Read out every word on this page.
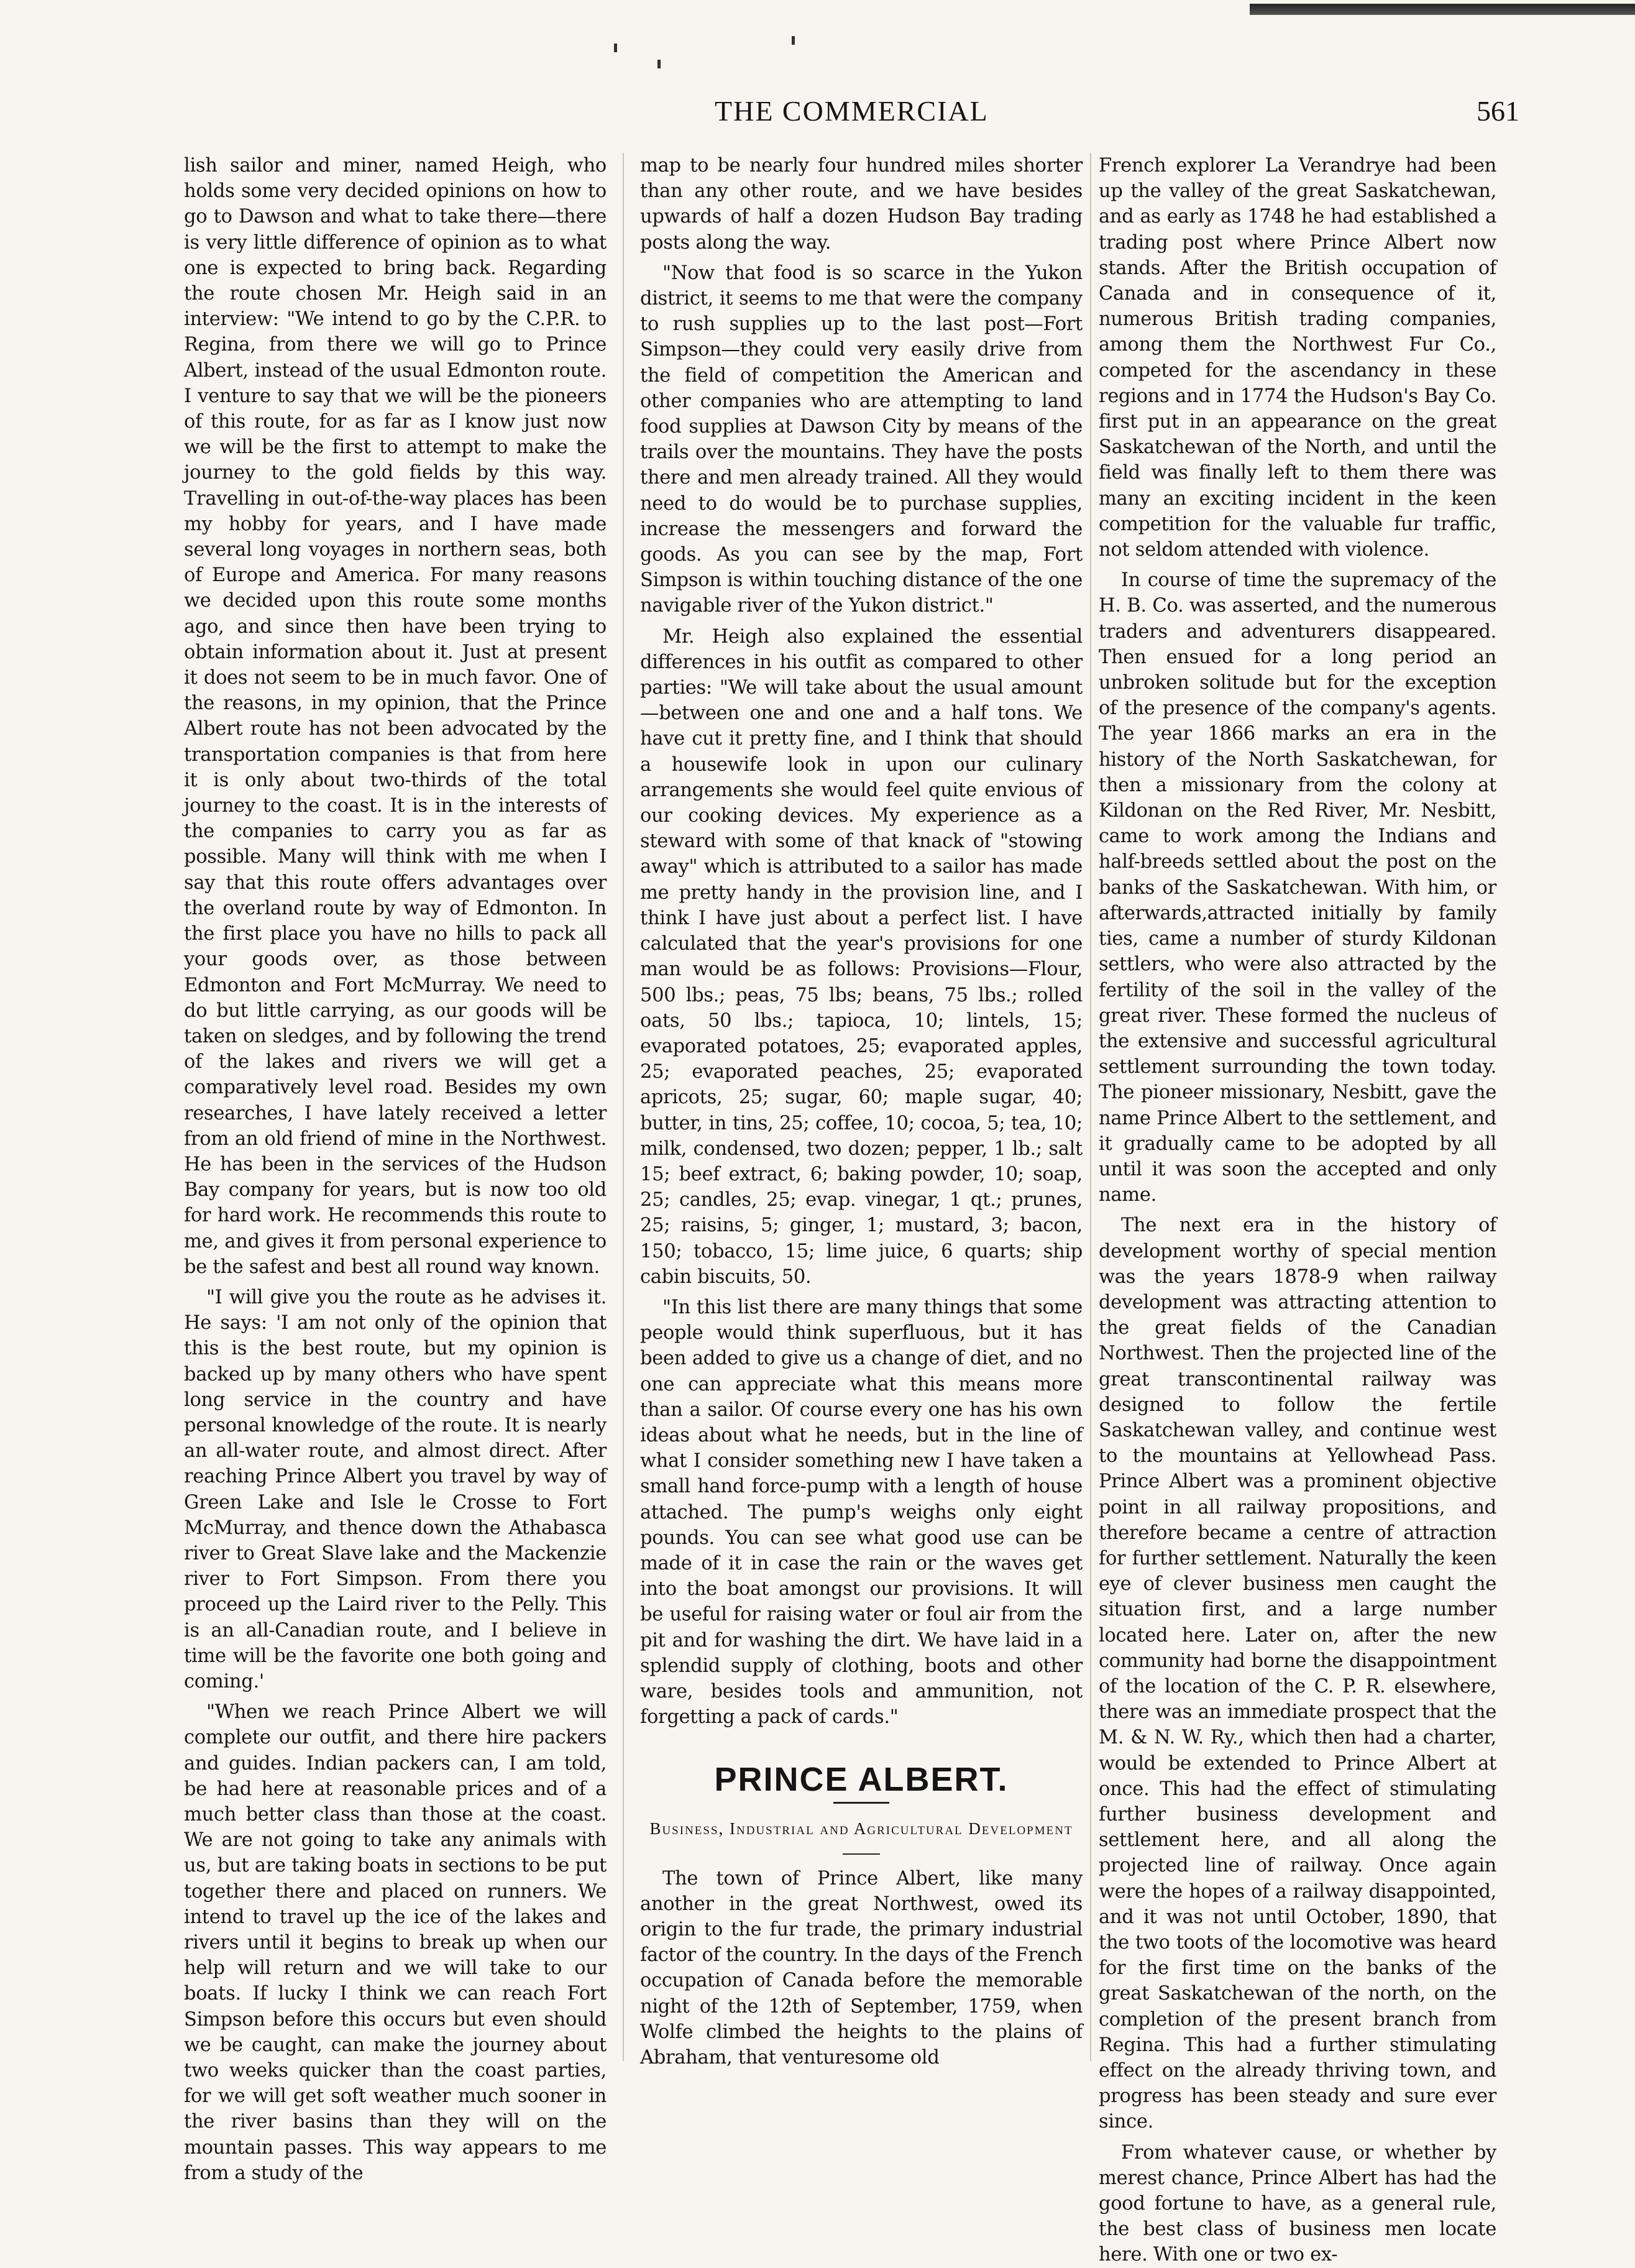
THE COMMERCIAL	561

lish sailor and miner, named Heigh, who holds some very decided opinions on how to go to Dawson and what to take there—there is very little difference of opinion as to what one is expected to bring back. Regarding the route chosen Mr. Heigh said in an interview: "We intend to go by the C.P.R. to Regina, from there we will go to Prince Albert, instead of the usual Edmonton route. I venture to say that we will be the pioneers of this route, for as far as I know just now we will be the first to attempt to make the journey to the gold fields by this way. Travelling in out-of-the-way places has been my hobby for years, and I have made several long voyages in northern seas, both of Europe and America. For many reasons we decided upon this route some months ago, and since then have been trying to obtain information about it. Just at present it does not seem to be in much favor. One of the reasons, in my opinion, that the Prince Albert route has not been advocated by the transportation companies is that from here it is only about two-thirds of the total journey to the coast. It is in the interests of the companies to carry you as far as possible. Many will think with me when I say that this route offers advantages over the overland route by way of Edmonton. In the first place you have no hills to pack all your goods over, as those between Edmonton and Fort McMurray. We need to do but little carrying, as our goods will be taken on sledges, and by following the trend of the lakes and rivers we will get a comparatively level road. Besides my own researches, I have lately received a letter from an old friend of mine in the Northwest. He has been in the services of the Hudson Bay company for years, but is now too old for hard work. He recommends this route to me, and gives it from personal experience to be the safest and best all round way known.

"I will give you the route as he advises it. He says: 'I am not only of the opinion that this is the best route, but my opinion is backed up by many others who have spent long service in the country and have personal knowledge of the route. It is nearly an all-water route, and almost direct. After reaching Prince Albert you travel by way of Green Lake and Isle le Crosse to Fort McMurray, and thence down the Athabasca river to Great Slave lake and the Mackenzie river to Fort Simpson. From there you proceed up the Laird river to the Pelly. This is an all-Canadian route, and I believe in time will be the favorite one both going and coming.'

"When we reach Prince Albert we will complete our outfit, and there hire packers and guides. Indian packers can, I am told, be had here at reasonable prices and of a much better class than those at the coast. We are not going to take any animals with us, but are taking boats in sections to be put together there and placed on runners. We intend to travel up the ice of the lakes and rivers until it begins to break up when our help will return and we will take to our boats. If lucky I think we can reach Fort Simpson before this occurs but even should we be caught, can make the journey about two weeks quicker than the coast parties, for we will get soft weather much sooner in the river basins than they will on the mountain passes. This way appears to me from a study of the

map to be nearly four hundred miles shorter than any other route, and we have besides upwards of half a dozen Hudson Bay trading posts along the way.

"Now that food is so scarce in the Yukon district, it seems to me that were the company to rush supplies up to the last post—Fort Simpson—they could very easily drive from the field of competition the American and other companies who are attempting to land food supplies at Dawson City by means of the trails over the mountains. They have the posts there and men already trained. All they would need to do would be to purchase supplies, increase the messengers and forward the goods. As you can see by the map, Fort Simpson is within touching distance of the one navigable river of the Yukon district."

Mr. Heigh also explained the essential differences in his outfit as compared to other parties: "We will take about the usual amount—between one and one and a half tons. We have cut it pretty fine, and I think that should a housewife look in upon our culinary arrangements she would feel quite envious of our cooking devices. My experience as a steward with some of that knack of "stowing away" which is attributed to a sailor has made me pretty handy in the provision line, and I think I have just about a perfect list. I have calculated that the year's provisions for one man would be as follows: Provisions—Flour, 500 lbs.; peas, 75 lbs; beans, 75 lbs.; rolled oats, 50 lbs.; tapioca, 10; lintels, 15; evaporated potatoes, 25; evaporated apples, 25; evaporated peaches, 25; evaporated apricots, 25; sugar, 60; maple sugar, 40; butter, in tins, 25; coffee, 10; cocoa, 5; tea, 10; milk, condensed, two dozen; pepper, 1 lb.; salt 15; beef extract, 6; baking powder, 10; soap, 25; candles, 25; evap. vinegar, 1 qt.; prunes, 25; raisins, 5; ginger, 1; mustard, 3; bacon, 150; tobacco, 15; lime juice, 6 quarts; ship cabin biscuits, 50.

"In this list there are many things that some people would think superfluous, but it has been added to give us a change of diet, and no one can appreciate what this means more than a sailor. Of course every one has his own ideas about what he needs, but in the line of what I consider something new I have taken a small hand force-pump with a length of house attached. The pump's weighs only eight pounds. You can see what good use can be made of it in case the rain or the waves get into the boat amongst our provisions. It will be useful for raising water or foul air from the pit and for washing the dirt. We have laid in a splendid supply of clothing, boots and other ware, besides tools and ammunition, not forgetting a pack of cards."

PRINCE ALBERT.
Business, Industrial and Agricultural Development

The town of Prince Albert, like many another in the great Northwest, owed its origin to the fur trade, the primary industrial factor of the country. In the days of the French occupation of Canada before the memorable night of the 12th of September, 1759, when Wolfe climbed the heights to the plains of Abraham, that venturesome old

French explorer La Verandrye had been up the valley of the great Saskatchewan, and as early as 1748 he had established a trading post where Prince Albert now stands. After the British occupation of Canada and in consequence of it, numerous British trading companies, among them the Northwest Fur Co., competed for the ascendancy in these regions and in 1774 the Hudson's Bay Co. first put in an appearance on the great Saskatchewan of the North, and until the field was finally left to them there was many an exciting incident in the keen competition for the valuable fur traffic, not seldom attended with violence.

In course of time the supremacy of the H. B. Co. was asserted, and the numerous traders and adventurers disappeared. Then ensued for a long period an unbroken solitude but for the exception of the presence of the company's agents. The year 1866 marks an era in the history of the North Saskatchewan, for then a missionary from the colony at Kildonan on the Red River, Mr. Nesbitt, came to work among the Indians and half-breeds settled about the post on the banks of the Saskatchewan. With him, or afterwards,attracted initially by family ties, came a number of sturdy Kildonan settlers, who were also attracted by the fertility of the soil in the valley of the great river. These formed the nucleus of the extensive and successful agricultural settlement surrounding the town today. The pioneer missionary, Nesbitt, gave the name Prince Albert to the settlement, and it gradually came to be adopted by all until it was soon the accepted and only name.

The next era in the history of development worthy of special mention was the years 1878-9 when railway development was attracting attention to the great fields of the Canadian Northwest. Then the projected line of the great transcontinental railway was designed to follow the fertile Saskatchewan valley, and continue west to the mountains at Yellowhead Pass. Prince Albert was a prominent objective point in all railway propositions, and therefore became a centre of attraction for further settlement. Naturally the keen eye of clever business men caught the situation first, and a large number located here. Later on, after the new community had borne the disappointment of the location of the C. P. R. elsewhere, there was an immediate prospect that the M. & N. W. Ry., which then had a charter, would be extended to Prince Albert at once. This had the effect of stimulating further business development and settlement here, and all along the projected line of railway. Once again were the hopes of a railway disappointed, and it was not until October, 1890, that the two toots of the locomotive was heard for the first time on the banks of the great Saskatchewan of the north, on the completion of the present branch from Regina. This had a further stimulating effect on the already thriving town, and progress has been steady and sure ever since.

From whatever cause, or whether by merest chance, Prince Albert has had the good fortune to have, as a general rule, the best class of business men locate here. With one or two ex-
